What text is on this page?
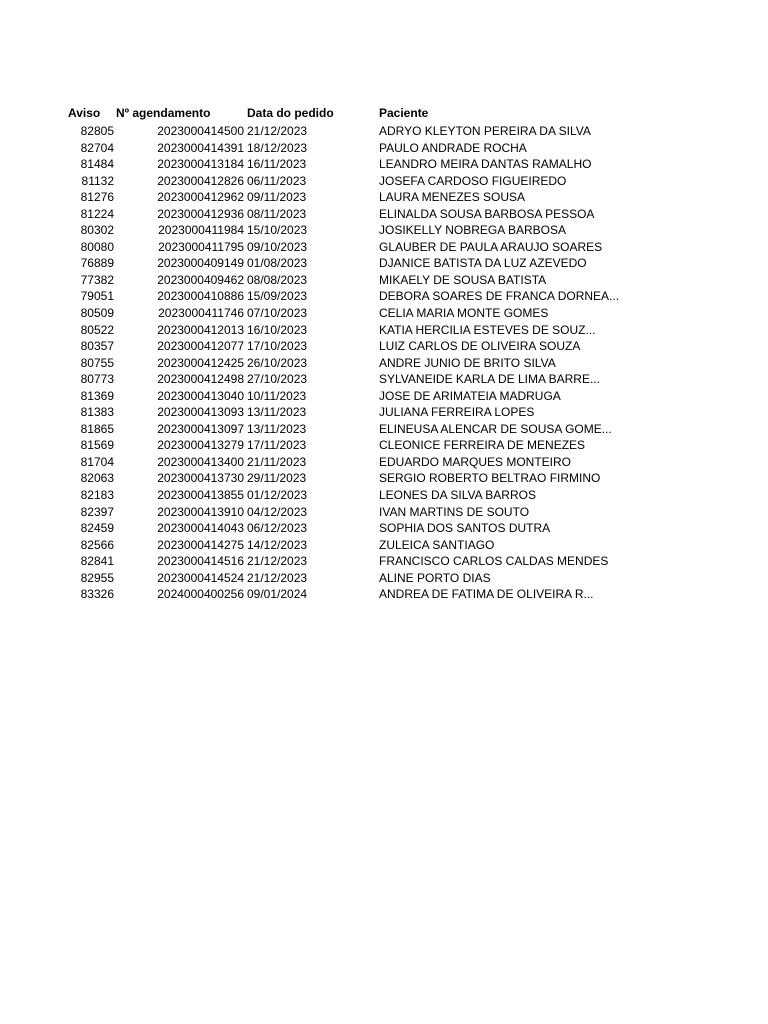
Aviso	Nº agendamento	Data do pedido	Paciente
82805	2023000414500 21/12/2023	ADRYO KLEYTON PEREIRA DA SILVA
82704	2023000414391 18/12/2023	PAULO ANDRADE ROCHA
81484	2023000413184 16/11/2023	LEANDRO MEIRA DANTAS RAMALHO
81132	2023000412826 06/11/2023	JOSEFA CARDOSO FIGUEIREDO
81276	2023000412962 09/11/2023	LAURA MENEZES SOUSA
81224	2023000412936 08/11/2023	ELINALDA SOUSA BARBOSA PESSOA
80302	2023000411984 15/10/2023	JOSIKELLY NOBREGA BARBOSA
80080	2023000411795 09/10/2023	GLAUBER DE PAULA ARAUJO SOARES
76889	2023000409149 01/08/2023	DJANICE BATISTA DA LUZ AZEVEDO
77382	2023000409462 08/08/2023	MIKAELY DE SOUSA BATISTA
79051	2023000410886 15/09/2023	DEBORA SOARES DE FRANCA DORNEA...
80509	2023000411746 07/10/2023	CELIA MARIA MONTE GOMES
80522	2023000412013 16/10/2023	KATIA HERCILIA ESTEVES DE SOUZ...
80357	2023000412077 17/10/2023	LUIZ CARLOS DE OLIVEIRA SOUZA
80755	2023000412425 26/10/2023	ANDRE JUNIO DE BRITO SILVA
80773	2023000412498 27/10/2023	SYLVANEIDE KARLA DE LIMA BARRE...
81369	2023000413040 10/11/2023	JOSE DE ARIMATEIA MADRUGA
81383	2023000413093 13/11/2023	JULIANA FERREIRA LOPES
81865	2023000413097 13/11/2023	ELINEUSA ALENCAR DE SOUSA GOME...
81569	2023000413279 17/11/2023	CLEONICE FERREIRA DE MENEZES
81704	2023000413400 21/11/2023	EDUARDO MARQUES MONTEIRO
82063	2023000413730 29/11/2023	SERGIO ROBERTO BELTRAO FIRMINO
82183	2023000413855 01/12/2023	LEONES DA SILVA BARROS
82397	2023000413910 04/12/2023	IVAN MARTINS DE SOUTO
82459	2023000414043 06/12/2023	SOPHIA DOS SANTOS DUTRA
82566	2023000414275 14/12/2023	ZULEICA SANTIAGO
82841	2023000414516 21/12/2023	FRANCISCO CARLOS CALDAS MENDES
82955	2023000414524 21/12/2023	ALINE PORTO DIAS
83326	2024000400256 09/01/2024	ANDREA DE FATIMA DE OLIVEIRA R...
